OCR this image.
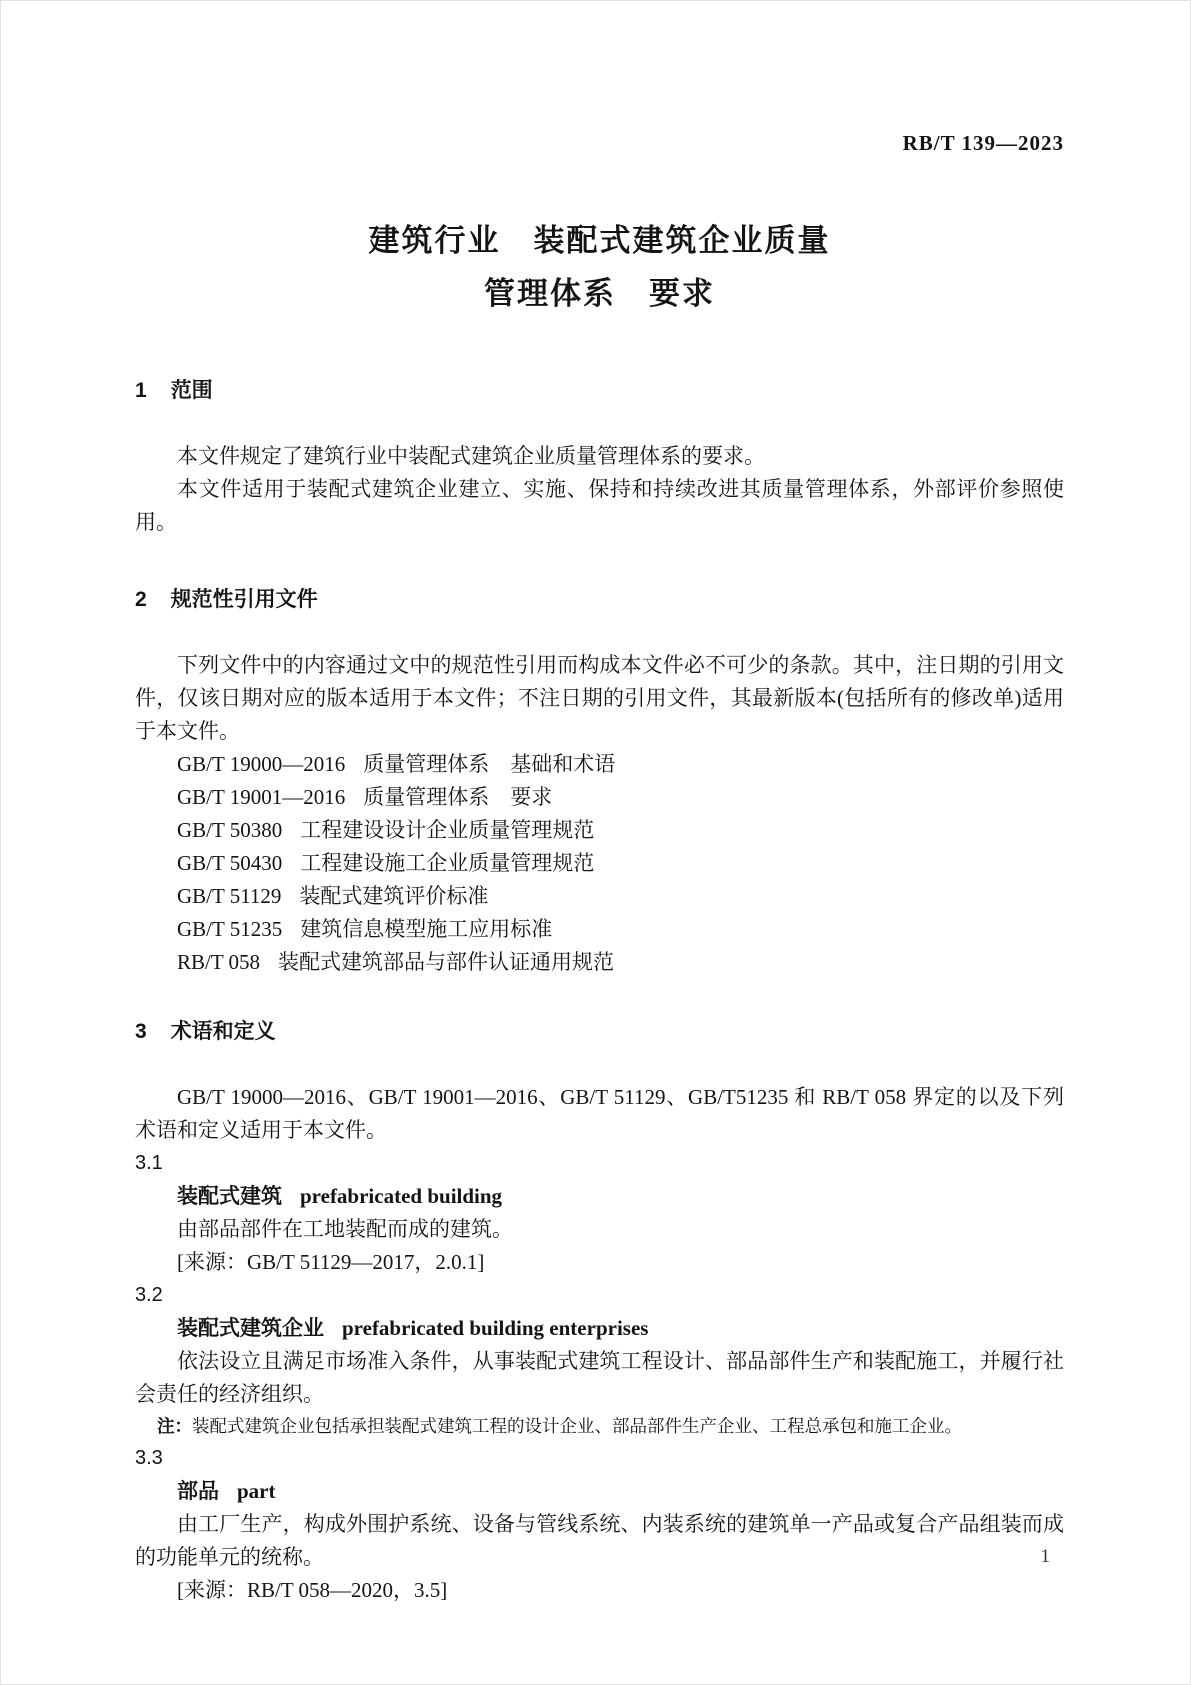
RB/T 139—2023
建筑行业　装配式建筑企业质量
管理体系　要求
1 范围

本文件规定了建筑行业中装配式建筑企业质量管理体系的要求。

本文件适用于装配式建筑企业建立、实施、保持和持续改进其质量管理体系，外部评价参照使用。

2 规范性引用文件

下列文件中的内容通过文中的规范性引用而构成本文件必不可少的条款。其中，注日期的引用文件，仅该日期对应的版本适用于本文件；不注日期的引用文件，其最新版本(包括所有的修改单)适用于本文件。

GB/T 19000—2016 质量管理体系　基础和术语
GB/T 19001—2016 质量管理体系　要求
GB/T 50380 工程建设设计企业质量管理规范
GB/T 50430 工程建设施工企业质量管理规范
GB/T 51129 装配式建筑评价标准
GB/T 51235 建筑信息模型施工应用标准
RB/T 058 装配式建筑部品与部件认证通用规范
3 术语和定义

GB/T 19000—2016、GB/T 19001—2016、GB/T 51129、GB/T51235 和 RB/T 058 界定的以及下列术语和定义适用于本文件。

3.1

装配式建筑 prefabricated building

由部品部件在工地装配而成的建筑。

[来源：GB/T 51129—2017，2.0.1]

3.2

装配式建筑企业 prefabricated building enterprises

依法设立且满足市场准入条件，从事装配式建筑工程设计、部品部件生产和装配施工，并履行社会责任的经济组织。

注：装配式建筑企业包括承担装配式建筑工程的设计企业、部品部件生产企业、工程总承包和施工企业。

3.3

部品 part

由工厂生产，构成外围护系统、设备与管线系统、内装系统的建筑单一产品或复合产品组装而成的功能单元的统称。

[来源：RB/T 058—2020，3.5]

1
